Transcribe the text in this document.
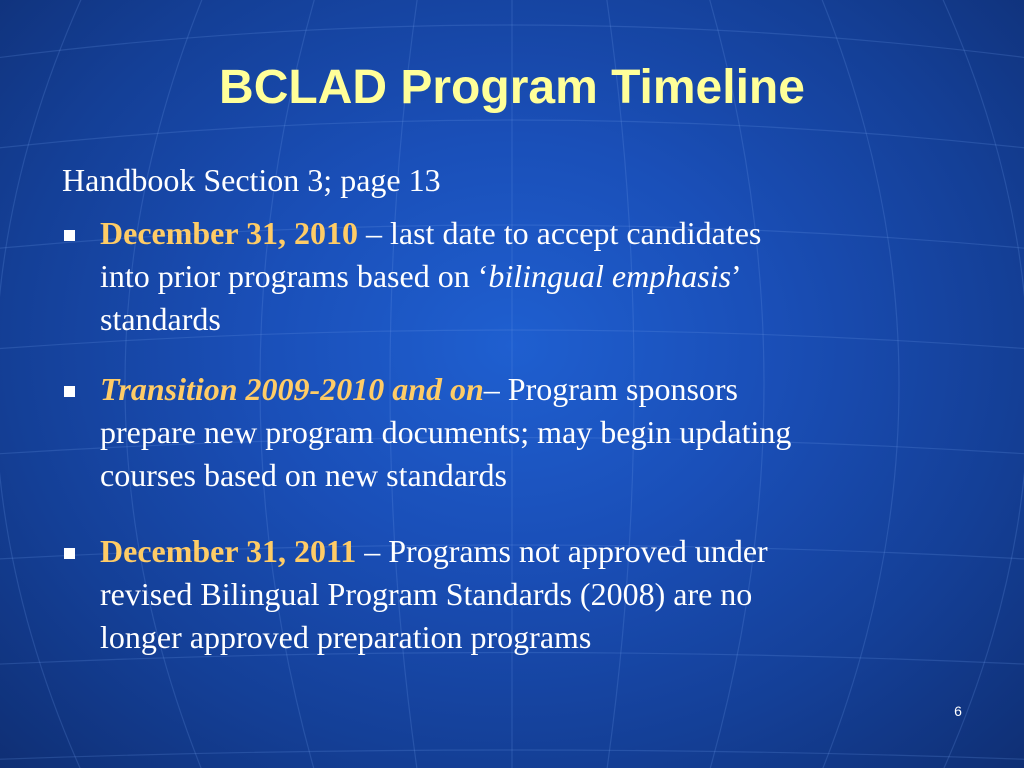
BCLAD Program Timeline
Handbook Section 3; page 13
December 31, 2010 – last date to accept candidates
into prior programs based on ‘bilingual emphasis’
standards
Transition 2009-2010 and on– Program sponsors
prepare new program documents; may begin updating
courses based on new standards
December 31, 2011 – Programs not approved under
revised Bilingual Program Standards (2008) are no
longer approved preparation programs
6
